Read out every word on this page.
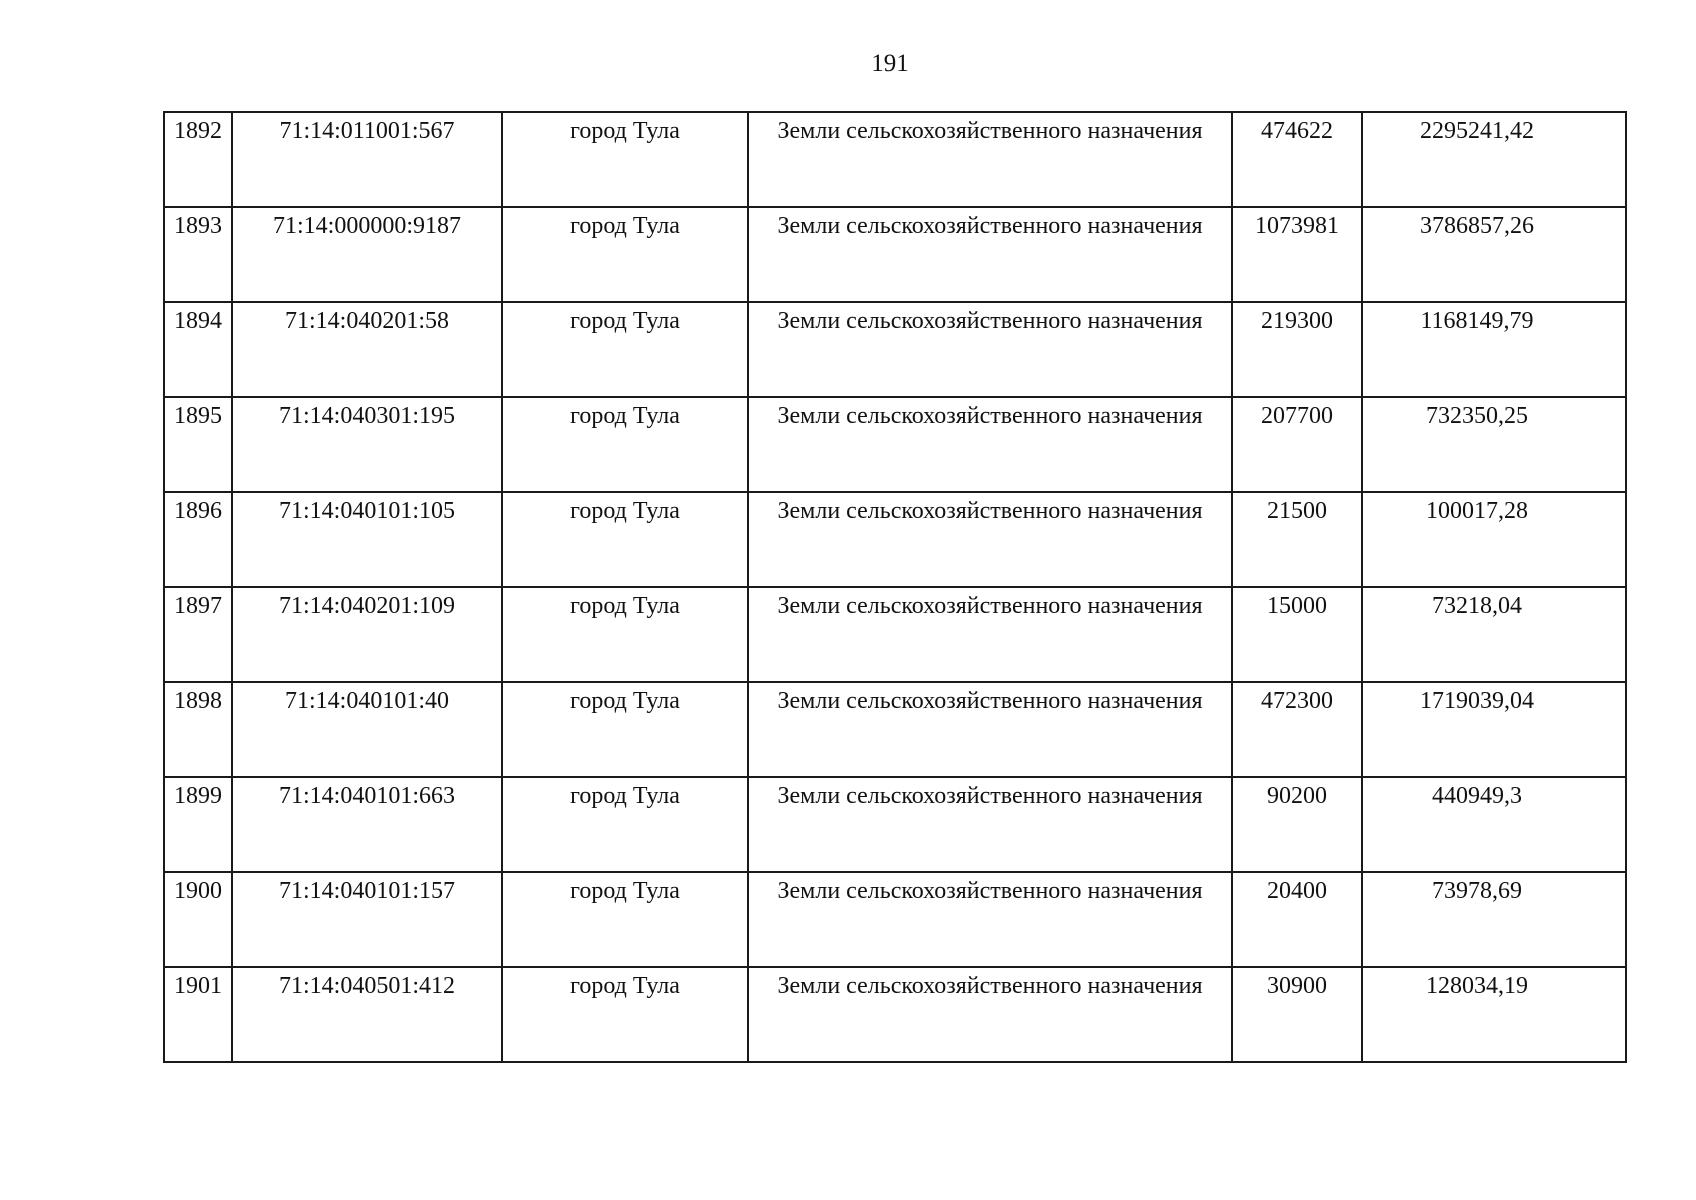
191
1892	71:14:011001:567	город Тула	Земли сельскохозяйственного назначения	474622	2295241,42
1893	71:14:000000:9187	город Тула	Земли сельскохозяйственного назначения	1073981	3786857,26
1894	71:14:040201:58	город Тула	Земли сельскохозяйственного назначения	219300	1168149,79
1895	71:14:040301:195	город Тула	Земли сельскохозяйственного назначения	207700	732350,25
1896	71:14:040101:105	город Тула	Земли сельскохозяйственного назначения	21500	100017,28
1897	71:14:040201:109	город Тула	Земли сельскохозяйственного назначения	15000	73218,04
1898	71:14:040101:40	город Тула	Земли сельскохозяйственного назначения	472300	1719039,04
1899	71:14:040101:663	город Тула	Земли сельскохозяйственного назначения	90200	440949,3
1900	71:14:040101:157	город Тула	Земли сельскохозяйственного назначения	20400	73978,69
1901	71:14:040501:412	город Тула	Земли сельскохозяйственного назначения	30900	128034,19
